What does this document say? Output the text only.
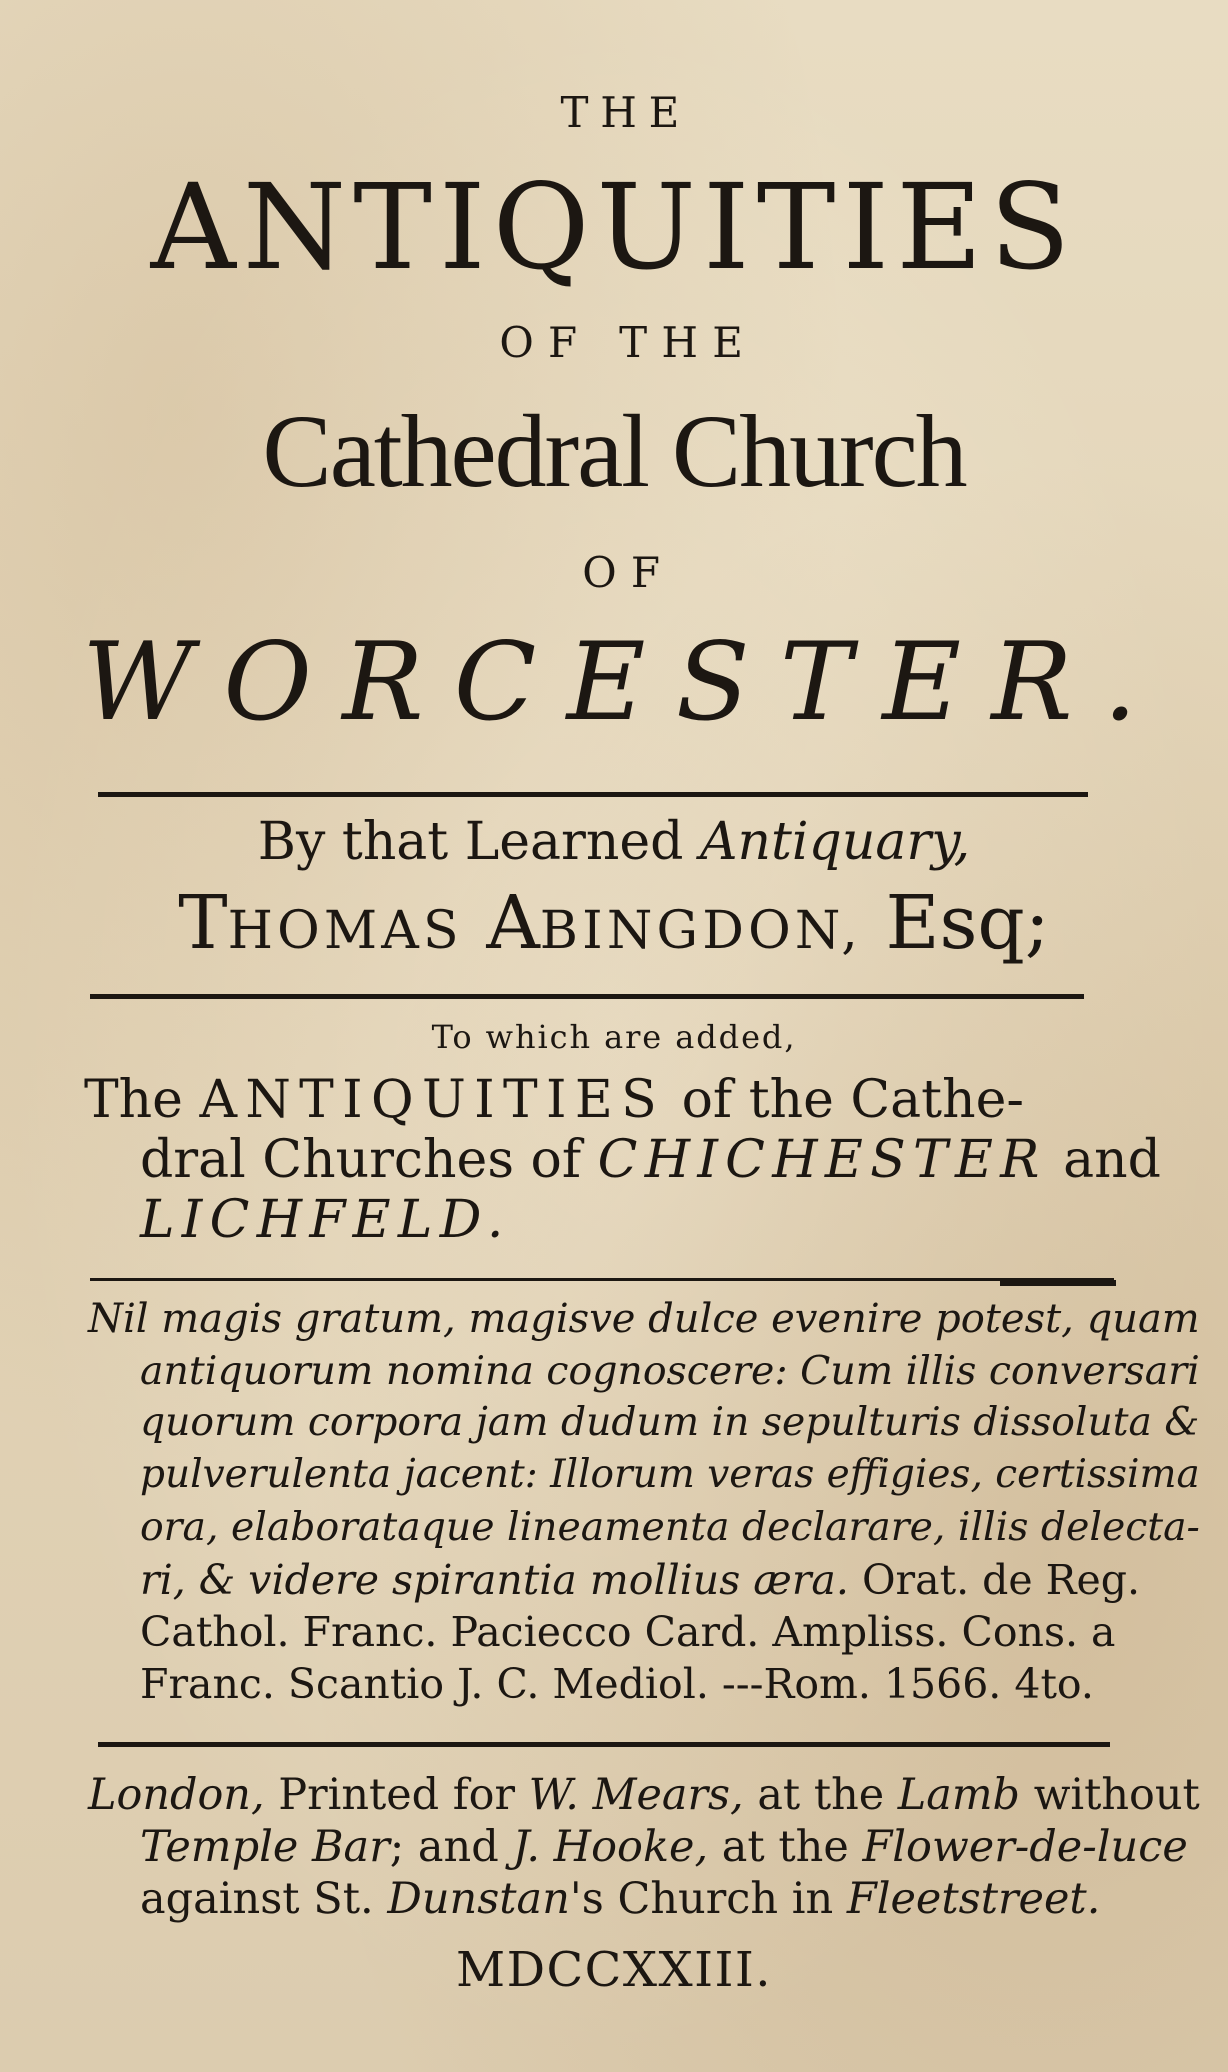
THE
ANTIQUITIES
OF THE
Cathedral Church
OF
WORCESTER.
By that Learned Antiquary,
THOMAS ABINGDON, Esq;
To which are added,
The ANTIQUITIES of the Cathe-
dral Churches of CHICHESTER and
LICHFELD.
Nil magis gratum, magisve dulce evenire potest, quam
antiquorum nomina cognoscere: Cum illis conversari
quorum corpora jam dudum in sepulturis dissoluta &
pulverulenta jacent: Illorum veras effigies, certissima
ora, elaborataque lineamenta declarare, illis delecta-
ri, & videre spirantia mollius æra. Orat. de Reg.
Cathol. Franc. Paciecco Card. Ampliss. Cons. a
Franc. Scantio J. C. Mediol. ---Rom. 1566. 4to.
London, Printed for W. Mears, at the Lamb without
Temple Bar; and J. Hooke, at the Flower-de-luce
against St. Dunstan's Church in Fleetstreet.
MDCCXXIII.
